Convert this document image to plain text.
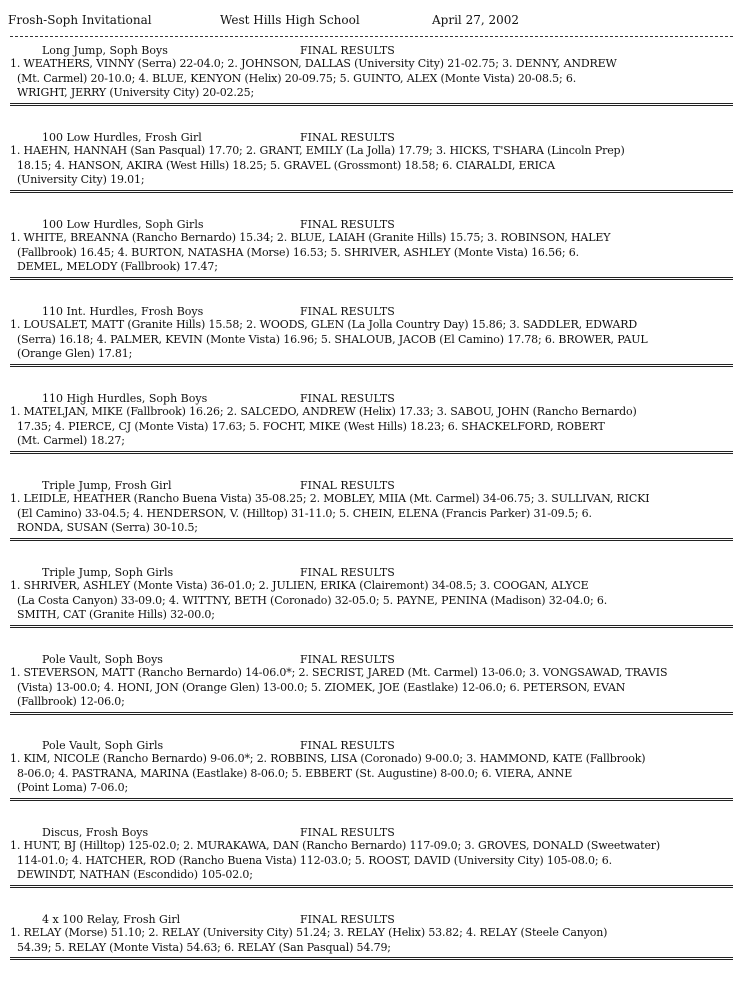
Frosh-Soph Invitational	West Hills High School	April 27, 2002
Long Jump, Soph Boys	FINAL RESULTS
1. WEATHERS, VINNY (Serra) 22-04.0; 2. JOHNSON, DALLAS (University City) 21-02.75; 3. DENNY, ANDREW
(Mt. Carmel) 20-10.0; 4. BLUE, KENYON (Helix) 20-09.75; 5. GUINTO, ALEX (Monte Vista) 20-08.5; 6.
WRIGHT, JERRY (University City) 20-02.25;
100 Low Hurdles, Frosh Girl	FINAL RESULTS
1. HAEHN, HANNAH (San Pasqual) 17.70; 2. GRANT, EMILY (La Jolla) 17.79; 3. HICKS, T'SHARA (Lincoln Prep)
18.15; 4. HANSON, AKIRA (West Hills) 18.25; 5. GRAVEL (Grossmont) 18.58; 6. CIARALDI, ERICA
(University City) 19.01;
100 Low Hurdles, Soph Girls	FINAL RESULTS
1. WHITE, BREANNA (Rancho Bernardo) 15.34; 2. BLUE, LAIAH (Granite Hills) 15.75; 3. ROBINSON, HALEY
(Fallbrook) 16.45; 4. BURTON, NATASHA (Morse) 16.53; 5. SHRIVER, ASHLEY (Monte Vista) 16.56; 6.
DEMEL, MELODY (Fallbrook) 17.47;
110 Int. Hurdles, Frosh Boys	FINAL RESULTS
1. LOUSALET, MATT (Granite Hills) 15.58; 2. WOODS, GLEN (La Jolla Country Day) 15.86; 3. SADDLER, EDWARD
(Serra) 16.18; 4. PALMER, KEVIN (Monte Vista) 16.96; 5. SHALOUB, JACOB (El Camino) 17.78; 6. BROWER, PAUL
(Orange Glen) 17.81;
110 High Hurdles, Soph Boys	FINAL RESULTS
1. MATELJAN, MIKE (Fallbrook) 16.26; 2. SALCEDO, ANDREW (Helix) 17.33; 3. SABOU, JOHN (Rancho Bernardo)
17.35; 4. PIERCE, CJ (Monte Vista) 17.63; 5. FOCHT, MIKE (West Hills) 18.23; 6. SHACKELFORD, ROBERT
(Mt. Carmel) 18.27;
Triple Jump, Frosh Girl	FINAL RESULTS
1. LEIDLE, HEATHER (Rancho Buena Vista) 35-08.25; 2. MOBLEY, MIIA (Mt. Carmel) 34-06.75; 3. SULLIVAN, RICKI
(El Camino) 33-04.5; 4. HENDERSON, V. (Hilltop) 31-11.0; 5. CHEIN, ELENA (Francis Parker) 31-09.5; 6.
RONDA, SUSAN (Serra) 30-10.5;
Triple Jump, Soph Girls	FINAL RESULTS
1. SHRIVER, ASHLEY (Monte Vista) 36-01.0; 2. JULIEN, ERIKA (Clairemont) 34-08.5; 3. COOGAN, ALYCE
(La Costa Canyon) 33-09.0; 4. WITTNY, BETH (Coronado) 32-05.0; 5. PAYNE, PENINA (Madison) 32-04.0; 6.
SMITH, CAT (Granite Hills) 32-00.0;
Pole Vault, Soph Boys	FINAL RESULTS
1. STEVERSON, MATT (Rancho Bernardo) 14-06.0*; 2. SECRIST, JARED (Mt. Carmel) 13-06.0; 3. VONGSAWAD, TRAVIS
(Vista) 13-00.0; 4. HONI, JON (Orange Glen) 13-00.0; 5. ZIOMEK, JOE (Eastlake) 12-06.0; 6. PETERSON, EVAN
(Fallbrook) 12-06.0;
Pole Vault, Soph Girls	FINAL RESULTS
1. KIM, NICOLE (Rancho Bernardo) 9-06.0*; 2. ROBBINS, LISA (Coronado) 9-00.0; 3. HAMMOND, KATE (Fallbrook)
8-06.0; 4. PASTRANA, MARINA (Eastlake) 8-06.0; 5. EBBERT (St. Augustine) 8-00.0; 6. VIERA, ANNE
(Point Loma) 7-06.0;
Discus, Frosh Boys	FINAL RESULTS
1. HUNT, BJ (Hilltop) 125-02.0; 2. MURAKAWA, DAN (Rancho Bernardo) 117-09.0; 3. GROVES, DONALD (Sweetwater)
114-01.0; 4. HATCHER, ROD (Rancho Buena Vista) 112-03.0; 5. ROOST, DAVID (University City) 105-08.0; 6.
DEWINDT, NATHAN (Escondido) 105-02.0;
4 x 100 Relay, Frosh Girl	FINAL RESULTS
1. RELAY (Morse) 51.10; 2. RELAY (University City) 51.24; 3. RELAY (Helix) 53.82; 4. RELAY (Steele Canyon)
54.39; 5. RELAY (Monte Vista) 54.63; 6. RELAY (San Pasqual) 54.79;
